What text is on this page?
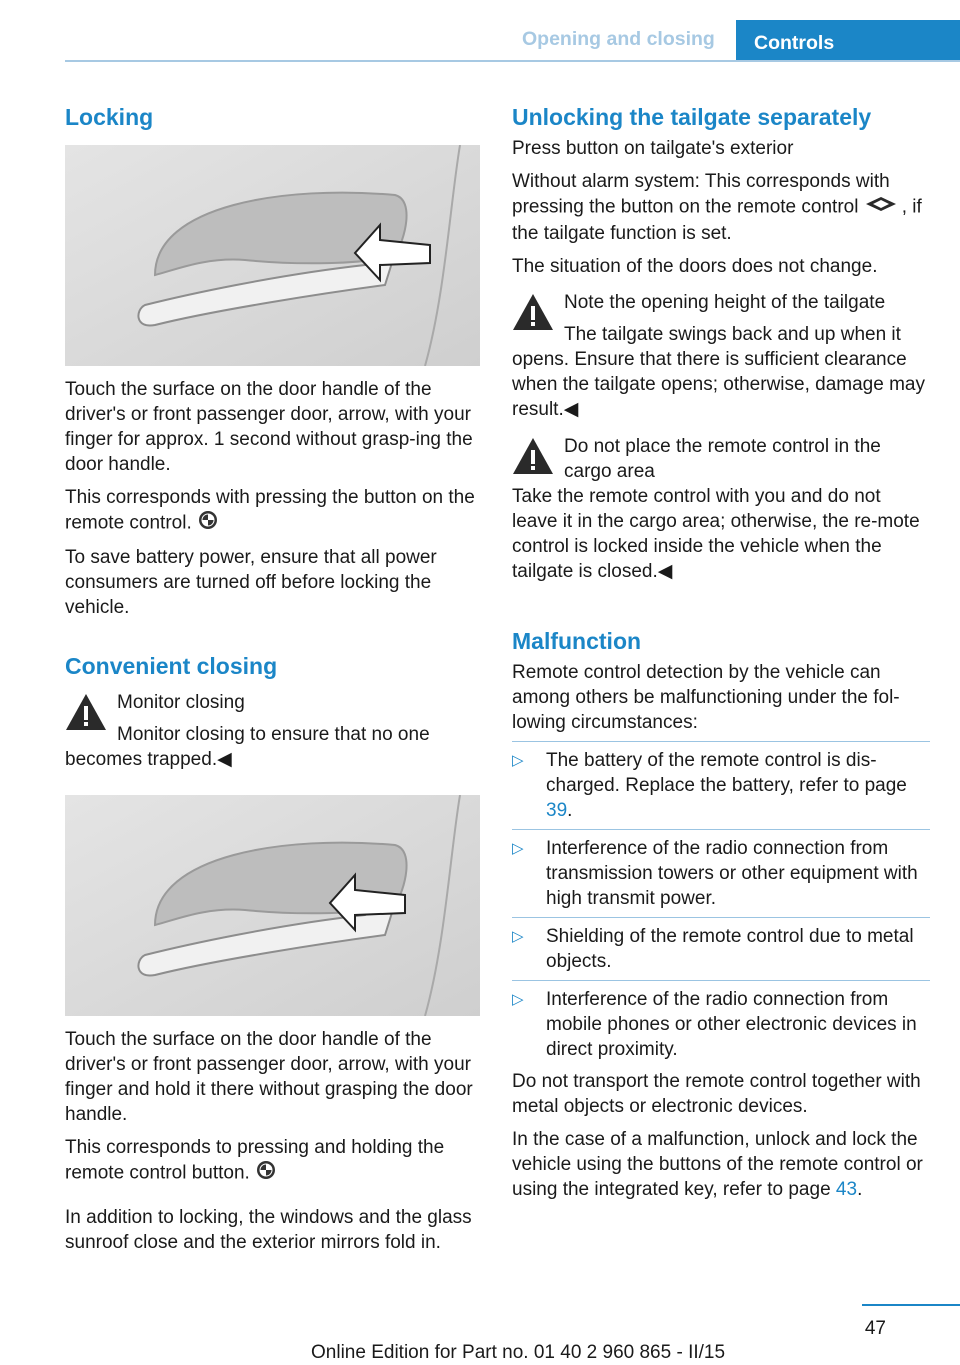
Opening and closing	Controls
Locking

Touch the surface on the door handle of the driver's or front passenger door, arrow, with your finger for approx. 1 second without grasp‐ing the door handle.

This corresponds with pressing the button on the remote control.

To save battery power, ensure that all power consumers are turned off before locking the vehicle.

Convenient closing

Monitor closing

Monitor closing to ensure that no one becomes trapped.◀

Touch the surface on the door handle of the driver's or front passenger door, arrow, with your finger and hold it there without grasping the door handle.

This corresponds to pressing and holding the remote control button.

In addition to locking, the windows and the glass sunroof close and the exterior mirrors fold in.

Unlocking the tailgate separately

Press button on tailgate's exterior

Without alarm system: This corresponds with pressing the button on the remote control , if the tailgate function is set.

The situation of the doors does not change.

Note the opening height of the tailgate

The tailgate swings back and up when it opens. Ensure that there is sufficient clearance when the tailgate opens; otherwise, damage may result.◀

Do not place the remote control in the cargo area

Take the remote control with you and do not leave it in the cargo area; otherwise, the re‐mote control is locked inside the vehicle when the tailgate is closed.◀

Malfunction

Remote control detection by the vehicle can among others be malfunctioning under the fol‐lowing circumstances:

▷ The battery of the remote control is dis‐charged. Replace the battery, refer to page 39.

▷ Interference of the radio connection from transmission towers or other equipment with high transmit power.

▷ Shielding of the remote control due to metal objects.

▷ Interference of the radio connection from mobile phones or other electronic devices in direct proximity.

Do not transport the remote control together with metal objects or electronic devices.

In the case of a malfunction, unlock and lock the vehicle using the buttons of the remote control or using the integrated key, refer to page 43.

47
Online Edition for Part no. 01 40 2 960 865 - II/15
